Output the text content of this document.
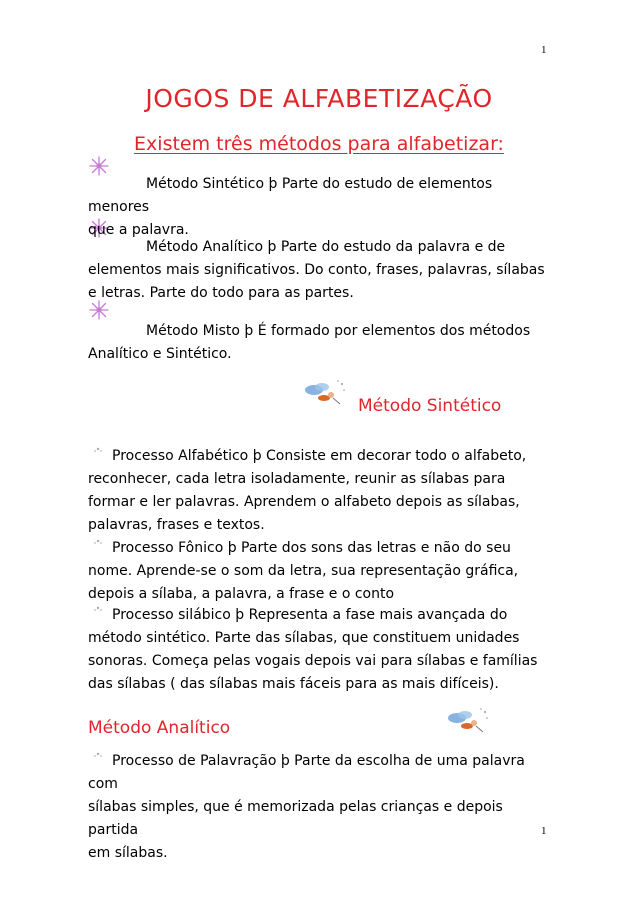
1
1
JOGOS DE ALFABETIZAÇÃO
Existem três métodos para alfabetizar:
Método Sintético þ Parte do estudo de elementos menores
que a palavra.
Método Analítico þ Parte do estudo da palavra e de
elementos mais significativos. Do conto, frases, palavras, sílabas
e letras. Parte do todo para as partes.
Método Misto þ É formado por elementos dos métodos
Analítico e Sintético.
Método Sintético
Processo Alfabético þ Consiste em decorar todo o alfabeto,
reconhecer, cada letra isoladamente, reunir as sílabas para
formar e ler palavras. Aprendem o alfabeto depois as sílabas,
palavras, frases e textos.
Processo Fônico þ Parte dos sons das letras e não do seu
nome. Aprende-se o som da letra, sua representação gráfica,
depois a sílaba, a palavra, a frase e o conto
Processo silábico þ Representa a fase mais avançada do
método sintético. Parte das sílabas, que constituem unidades
sonoras. Começa pelas vogais depois vai para sílabas e famílias
das sílabas ( das sílabas mais fáceis para as mais difíceis).
Método Analítico
Processo de Palavração þ Parte da escolha de uma palavra com
sílabas simples, que é memorizada pelas crianças e depois partida
em sílabas.
